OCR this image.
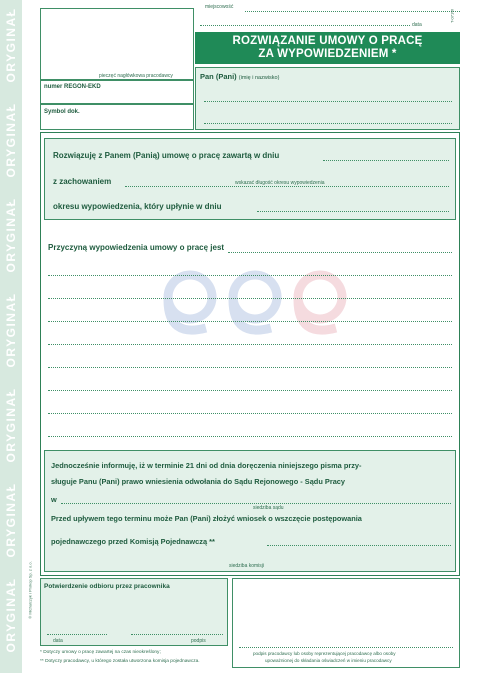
ORYGINAŁ
ORYGINAŁ
ORYGINAŁ
ORYGINAŁ
ORYGINAŁ
ORYGINAŁ
ORYGINAŁ © Michalczyk i Prokop Sp. z o.o.
pieczęć nagłówkowa pracodawcy
numer REGON-EKD
Symbol dok.
miejscowość
data
T-071W
ROZWIĄZANIE UMOWY O PRACĘ
ZA WYPOWIEDZENIEM *
Pan (Pani) (imię i nazwisko)
Rozwiązuję z Panem (Panią) umowę o pracę zawartą w dniu
z zachowaniem	wskazać długość okresu wypowiedzenia
okresu wypowiedzenia, który upłynie w dniu
Przyczyną wypowiedzenia umowy o pracę jest
Jednocześnie informuję, iż w terminie 21 dni od dnia doręczenia niniejszego pisma przy-
sługuje Panu (Pani) prawo wniesienia odwołania do Sądu Rejonowego - Sądu Pracy
w
siedziba sądu
Przed upływem tego terminu może Pan (Pani) złożyć wniosek o wszczęcie postępowania
pojednawczego przed Komisją Pojednawczą **
siedziba komisji
Potwierdzenie odbioru przez pracownika
data	podpis
podpis pracodawcy lub osoby reprezentującej pracodawcę albo osoby
upoważnionej do składania oświadczeń w imieniu pracodawcy
* Dotyczy umowy o pracę zawartej na czas nieokreślony;
** Dotyczy pracodawcy, u którego została utworzona komisja pojednawcza.
